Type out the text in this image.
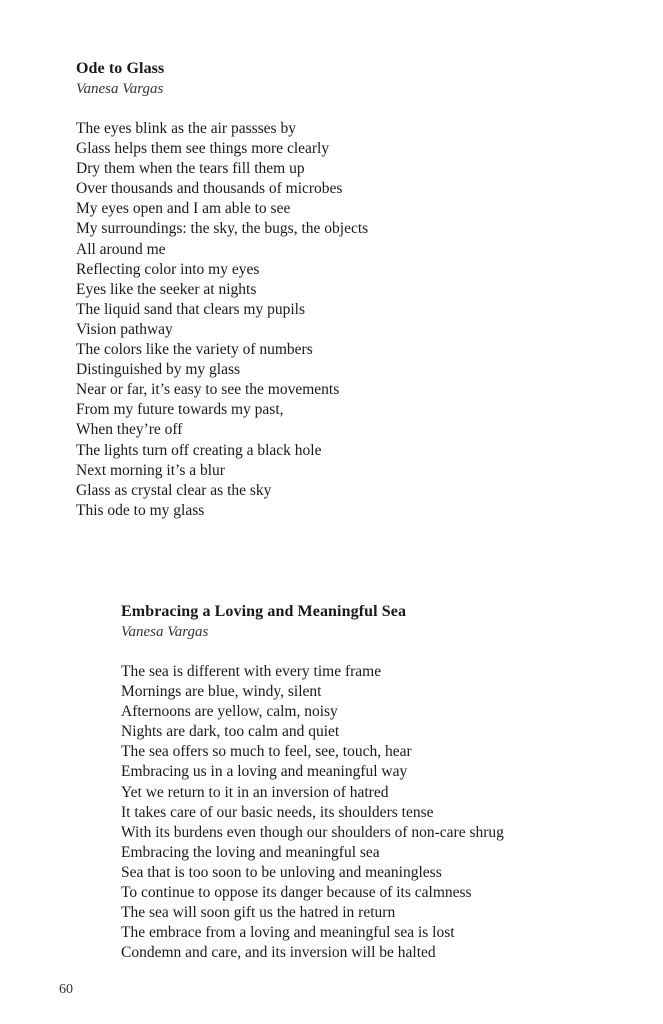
Ode to Glass
Vanesa Vargas
The eyes blink as the air passses by
Glass helps them see things more clearly
Dry them when the tears fill them up
Over thousands and thousands of microbes
My eyes open and I am able to see
My surroundings: the sky, the bugs, the objects
All around me
Reflecting color into my eyes
Eyes like the seeker at nights
The liquid sand that clears my pupils
Vision pathway
The colors like the variety of numbers
Distinguished by my glass
Near or far, it’s easy to see the movements
From my future towards my past,
When they’re off
The lights turn off creating a black hole
Next morning it’s a blur
Glass as crystal clear as the sky
This ode to my glass
Embracing a Loving and Meaningful Sea
Vanesa Vargas
The sea is different with every time frame
Mornings are blue, windy, silent
Afternoons are yellow, calm, noisy
Nights are dark, too calm and quiet
The sea offers so much to feel, see, touch, hear
Embracing us in a loving and meaningful way
Yet we return to it in an inversion of hatred
It takes care of our basic needs, its shoulders tense
With its burdens even though our shoulders of non-care shrug
Embracing the loving and meaningful sea
Sea that is too soon to be unloving and meaningless
To continue to oppose its danger because of its calmness
The sea will soon gift us the hatred in return
The embrace from a loving and meaningful sea is lost
Condemn and care, and its inversion will be halted
60
